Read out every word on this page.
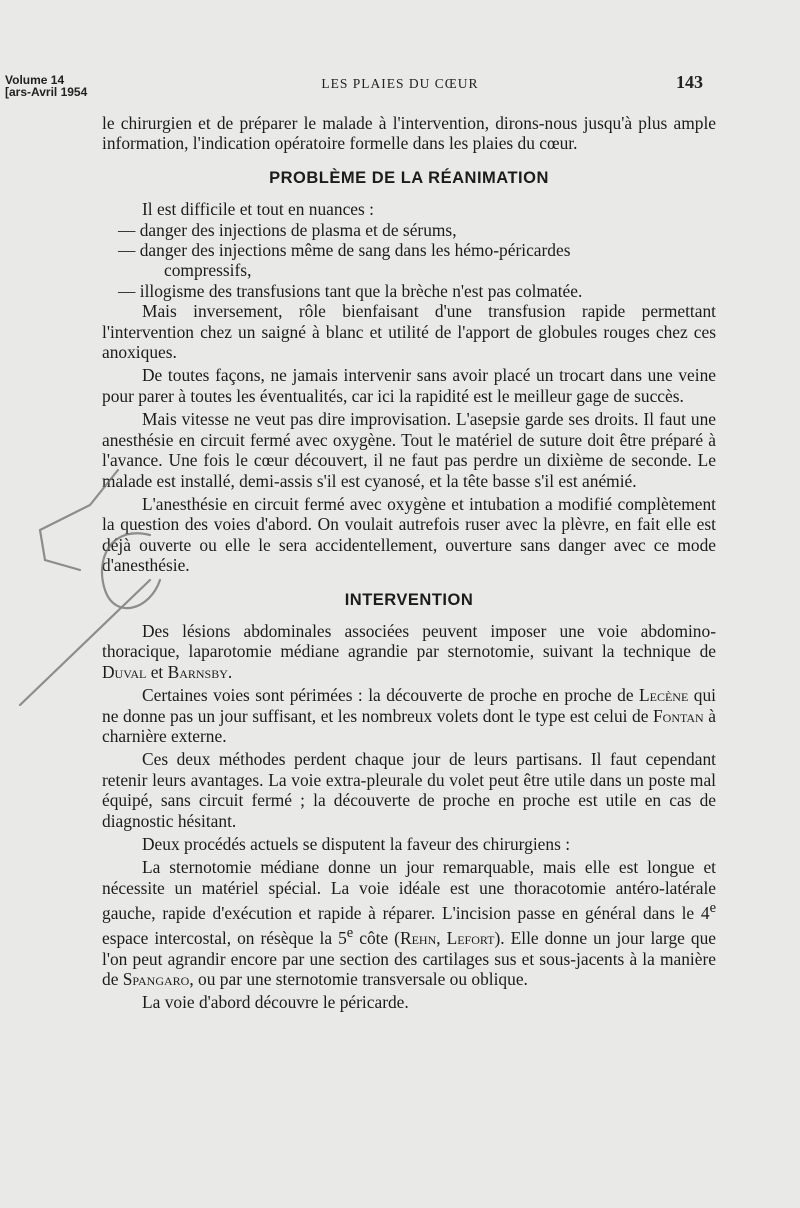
Volume 14
[ars-Avril 1954
LES PLAIES DU CŒUR	143

le chirurgien et de préparer le malade à l'intervention, dirons-nous jusqu'à plus ample information, l'indication opératoire formelle dans les plaies du cœur.

PROBLÈME DE LA RÉANIMATION

Il est difficile et tout en nuances :

— danger des injections de plasma et de sérums,

— danger des injections même de sang dans les hémo-péricardes
compressifs,

— illogisme des transfusions tant que la brèche n'est pas colmatée.

Mais inversement, rôle bienfaisant d'une transfusion rapide permettant l'intervention chez un saigné à blanc et utilité de l'apport de globules rouges chez ces anoxiques.

De toutes façons, ne jamais intervenir sans avoir placé un trocart dans une veine pour parer à toutes les éventualités, car ici la rapidité est le meilleur gage de succès.

Mais vitesse ne veut pas dire improvisation. L'asepsie garde ses droits. Il faut une anesthésie en circuit fermé avec oxygène. Tout le matériel de suture doit être préparé à l'avance. Une fois le cœur découvert, il ne faut pas perdre un dixième de seconde. Le malade est installé, demi-assis s'il est cyanosé, et la tête basse s'il est anémié.

L'anesthésie en circuit fermé avec oxygène et intubation a modifié complètement la question des voies d'abord. On voulait autrefois ruser avec la plèvre, en fait elle est déjà ouverte ou elle le sera accidentellement, ouverture sans danger avec ce mode d'anesthésie.

INTERVENTION

Des lésions abdominales associées peuvent imposer une voie abdomino-thoracique, laparotomie médiane agrandie par sternotomie, suivant la technique de Duval et Barnsby.

Certaines voies sont périmées : la découverte de proche en proche de Lecène qui ne donne pas un jour suffisant, et les nombreux volets dont le type est celui de Fontan à charnière externe.

Ces deux méthodes perdent chaque jour de leurs partisans. Il faut cependant retenir leurs avantages. La voie extra-pleurale du volet peut être utile dans un poste mal équipé, sans circuit fermé ; la découverte de proche en proche est utile en cas de diagnostic hésitant.

Deux procédés actuels se disputent la faveur des chirurgiens :

La sternotomie médiane donne un jour remarquable, mais elle est longue et nécessite un matériel spécial. La voie idéale est une thoracotomie antéro-latérale gauche, rapide d'exécution et rapide à réparer. L'incision passe en général dans le 4e espace intercostal, on résèque la 5e côte (Rehn, Lefort). Elle donne un jour large que l'on peut agrandir encore par une section des cartilages sus et sous-jacents à la manière de Spangaro, ou par une sternotomie transversale ou oblique.

La voie d'abord découvre le péricarde.
